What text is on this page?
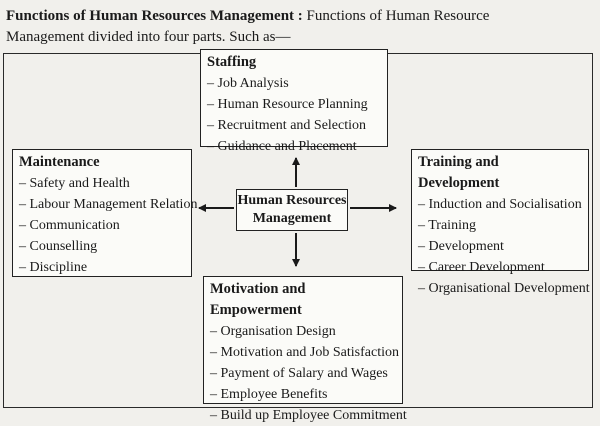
Functions of Human Resources Management : Functions of Human Resource
Management divided into four parts. Such as—
Staffing
– Job Analysis
– Human Resource Planning
– Recruitment and Selection
– Guidance and Placement
Maintenance
– Safety and Health
– Labour Management Relation
– Communication
– Counselling
– Discipline
Training and Development
– Induction and Socialisation
– Training
– Development
– Career Development
– Organisational Development
Motivation and Empowerment
– Organisation Design
– Motivation and Job Satisfaction
– Payment of Salary and Wages
– Employee Benefits
– Build up Employee Commitment
Human Resources
Management
